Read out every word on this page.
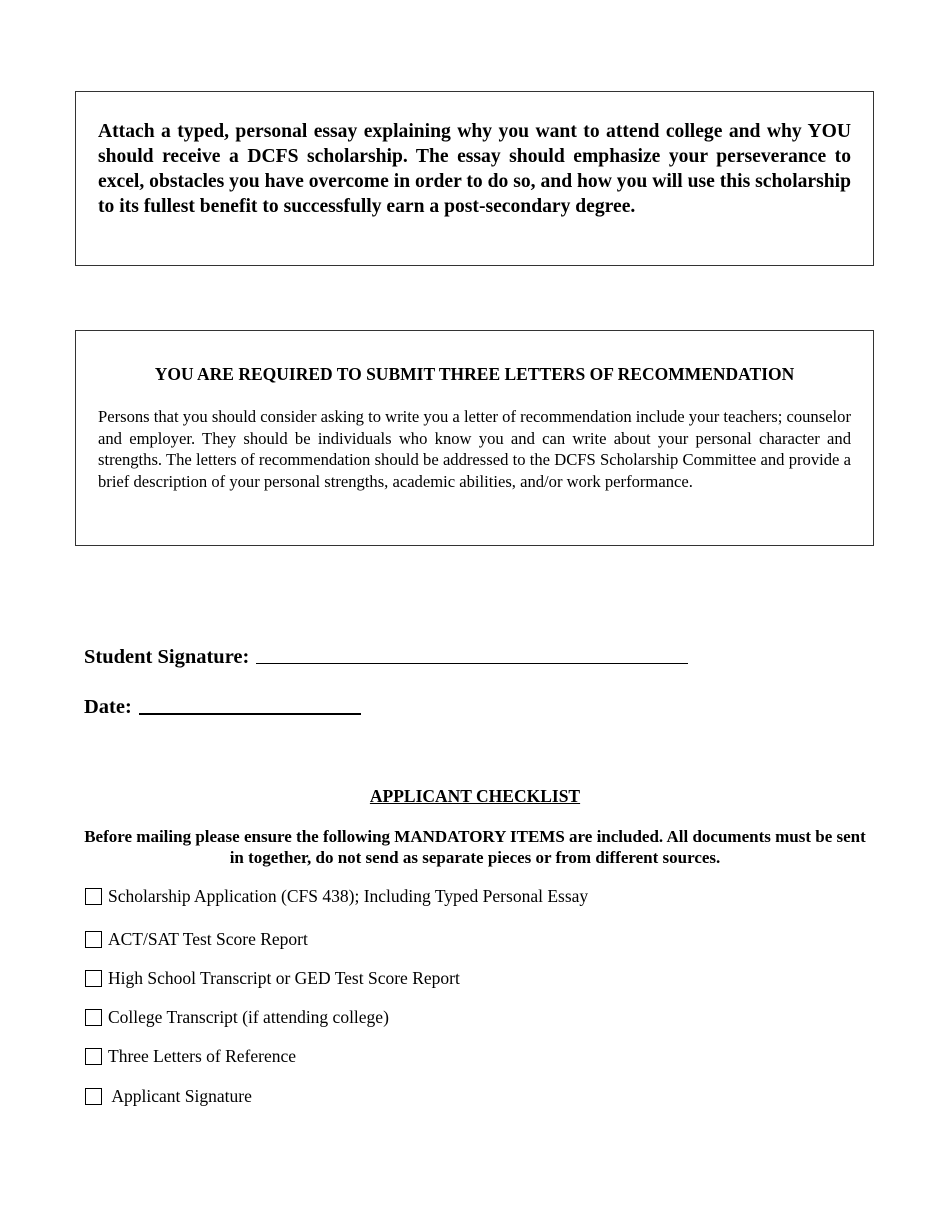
Attach a typed, personal essay explaining why you want to attend college and why YOU should receive a DCFS scholarship. The essay should emphasize your perseverance to excel, obstacles you have overcome in order to do so, and how you will use this scholarship to its fullest benefit to successfully earn a post-secondary degree.

YOU ARE REQUIRED TO SUBMIT THREE LETTERS OF RECOMMENDATION

Persons that you should consider asking to write you a letter of recommendation include your teachers; counselor and employer. They should be individuals who know you and can write about your personal character and strengths. The letters of recommendation should be addressed to the DCFS Scholarship Committee and provide a brief description of your personal strengths, academic abilities, and/or work performance.

Student Signature:
Date:
APPLICANT CHECKLIST
Before mailing please ensure the following MANDATORY ITEMS are included. All documents must be sent in together, do not send as separate pieces or from different sources.
Scholarship Application (CFS 438); Including Typed Personal Essay
ACT/SAT Test Score Report
High School Transcript or GED Test Score Report
College Transcript (if attending college)
Three Letters of Reference
Applicant Signature
